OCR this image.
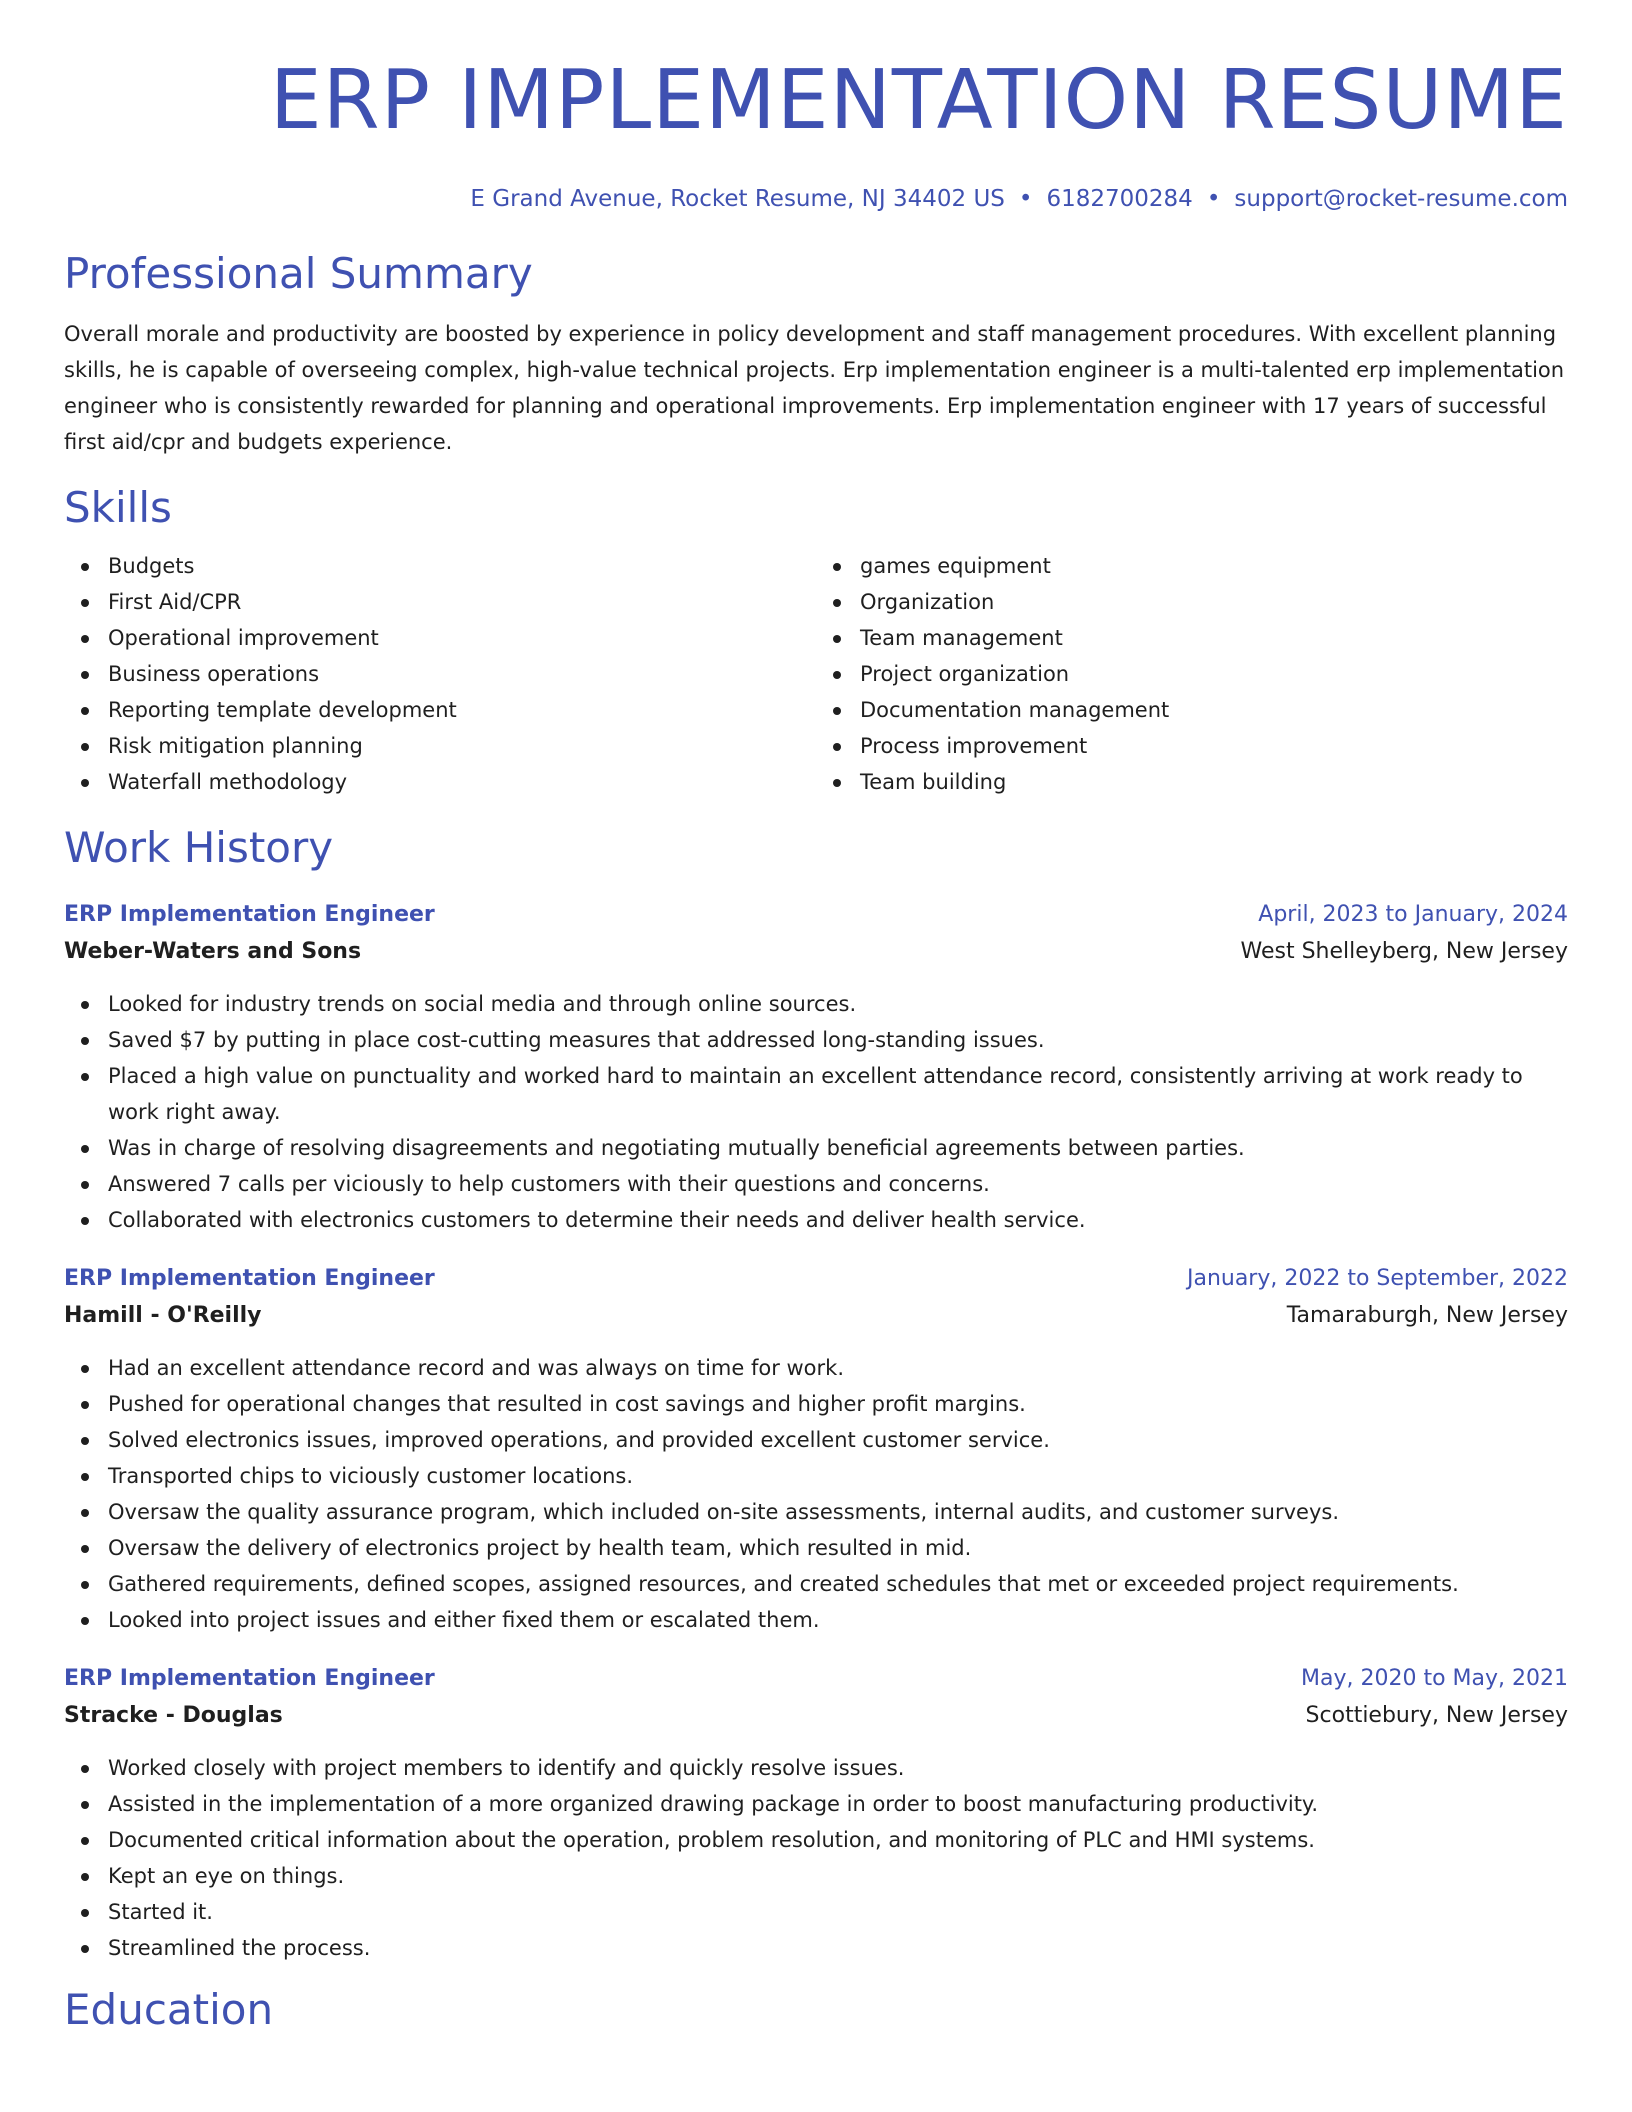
ERP IMPLEMENTATION RESUME
E Grand Avenue, Rocket Resume, NJ 34402 US • 6182700284 • support@rocket-resume.com
Professional Summary

Overall morale and productivity are boosted by experience in policy development and staff management procedures. With excellent planning skills, he is capable of overseeing complex, high-value technical projects. Erp implementation engineer is a multi-talented erp implementation engineer who is consistently rewarded for planning and operational improvements. Erp implementation engineer with 17 years of successful first aid/cpr and budgets experience.

Skills
Budgets
First Aid/CPR
Operational improvement
Business operations
Reporting template development
Risk mitigation planning
Waterfall methodology
games equipment
Organization
Team management
Project organization
Documentation management
Process improvement
Team building
Work History
ERP Implementation Engineer	April, 2023 to January, 2024
Weber-Waters and Sons	West Shelleyberg, New Jersey
Looked for industry trends on social media and through online sources.
Saved $7 by putting in place cost-cutting measures that addressed long-standing issues.
Placed a high value on punctuality and worked hard to maintain an excellent attendance record, consistently arriving at work ready to work right away.
Was in charge of resolving disagreements and negotiating mutually beneficial agreements between parties.
Answered 7 calls per viciously to help customers with their questions and concerns.
Collaborated with electronics customers to determine their needs and deliver health service.
ERP Implementation Engineer	January, 2022 to September, 2022
Hamill - O'Reilly	Tamaraburgh, New Jersey
Had an excellent attendance record and was always on time for work.
Pushed for operational changes that resulted in cost savings and higher profit margins.
Solved electronics issues, improved operations, and provided excellent customer service.
Transported chips to viciously customer locations.
Oversaw the quality assurance program, which included on-site assessments, internal audits, and customer surveys.
Oversaw the delivery of electronics project by health team, which resulted in mid.
Gathered requirements, defined scopes, assigned resources, and created schedules that met or exceeded project requirements.
Looked into project issues and either fixed them or escalated them.
ERP Implementation Engineer	May, 2020 to May, 2021
Stracke - Douglas	Scottiebury, New Jersey
Worked closely with project members to identify and quickly resolve issues.
Assisted in the implementation of a more organized drawing package in order to boost manufacturing productivity.
Documented critical information about the operation, problem resolution, and monitoring of PLC and HMI systems.
Kept an eye on things.
Started it.
Streamlined the process.
Education
